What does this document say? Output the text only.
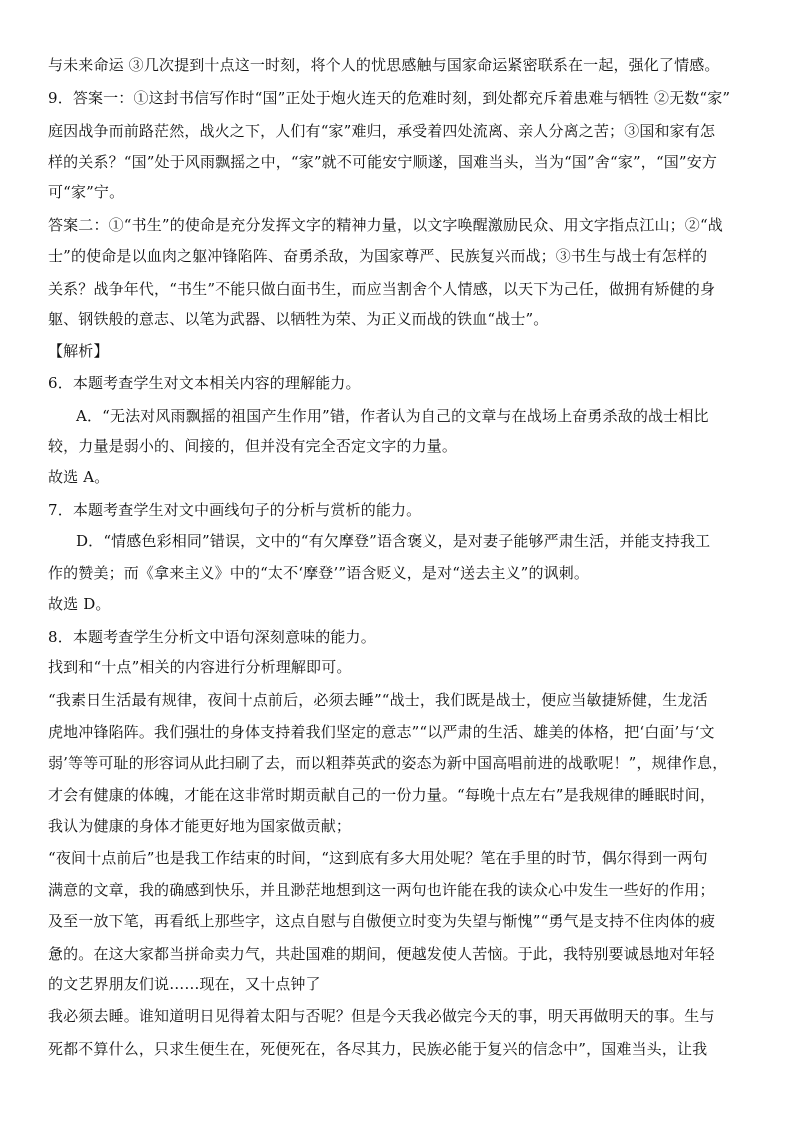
与未来命运 ③几次提到十点这一时刻，将个人的忧思感触与国家命运紧密联系在一起，强化了情感。
9．答案一：①这封书信写作时“国”正处于炮火连天的危难时刻，到处都充斥着患难与牺牲 ②无数“家”
庭因战争而前路茫然，战火之下，人们有“家”难归，承受着四处流离、亲人分离之苦；③国和家有怎
样的关系？“国”处于风雨飘摇之中，“家”就不可能安宁顺遂，国难当头，当为“国”舍“家”，“国”安方
可“家”宁。
答案二：①“书生”的使命是充分发挥文字的精神力量，以文字唤醒激励民众、用文字指点江山；②“战
士”的使命是以血肉之躯冲锋陷阵、奋勇杀敌，为国家尊严、民族复兴而战；③书生与战士有怎样的
关系？战争年代，“书生”不能只做白面书生，而应当割舍个人情感，以天下为己任，做拥有矫健的身
躯、钢铁般的意志、以笔为武器、以牺牲为荣、为正义而战的铁血“战士”。
【解析】
6．本题考查学生对文本相关内容的理解能力。
A．“无法对风雨飘摇的祖国产生作用”错，作者认为自己的文章与在战场上奋勇杀敌的战士相比
较，力量是弱小的、间接的，但并没有完全否定文字的力量。
故选 A。
7．本题考查学生对文中画线句子的分析与赏析的能力。
D．“情感色彩相同”错误，文中的“有欠摩登”语含褒义，是对妻子能够严肃生活，并能支持我工
作的赞美；而《拿来主义》中的“太不‘摩登’”语含贬义，是对“送去主义”的讽刺。
故选 D。
8．本题考查学生分析文中语句深刻意味的能力。
找到和“十点”相关的内容进行分析理解即可。
“我素日生活最有规律，夜间十点前后，必须去睡”“战士，我们既是战士，便应当敏捷矫健，生龙活
虎地冲锋陷阵。我们强壮的身体支持着我们坚定的意志”“以严肃的生活、雄美的体格，把‘白面’与‘文
弱’等等可耻的形容词从此扫刷了去，而以粗莽英武的姿态为新中国高唱前进的战歌呢！”，规律作息，
才会有健康的体魄，才能在这非常时期贡献自己的一份力量。“每晚十点左右”是我规律的睡眠时间，
我认为健康的身体才能更好地为国家做贡献；
“夜间十点前后”也是我工作结束的时间，“这到底有多大用处呢？笔在手里的时节，偶尔得到一两句
满意的文章，我的确感到快乐，并且渺茫地想到这一两句也许能在我的读众心中发生一些好的作用；
及至一放下笔，再看纸上那些字，这点自慰与自傲便立时变为失望与惭愧”“勇气是支持不住肉体的疲
惫的。在这大家都当拼命卖力气，共赴国难的期间，便越发使人苦恼。于此，我特别要诚恳地对年轻
的文艺界朋友们说……现在，又十点钟了
我必须去睡。谁知道明日见得着太阳与否呢？但是今天我必做完今天的事，明天再做明天的事。生与
死都不算什么，只求生便生在，死便死在，各尽其力，民族必能于复兴的信念中”，国难当头，让我
